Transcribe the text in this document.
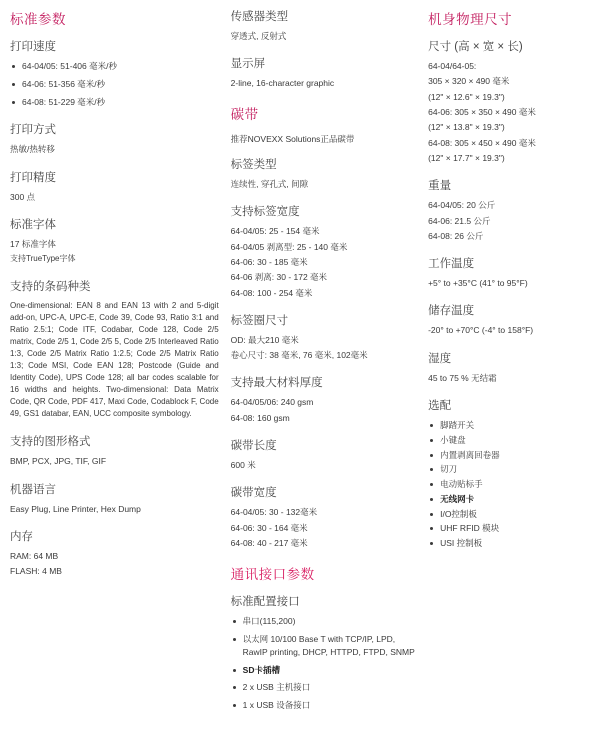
标准参数
打印速度
64-04/05: 51-406 毫米/秒
64-06: 51-356 毫米/秒
64-08: 51-229 毫米/秒
打印方式

热敏/热转移

打印精度

300 点

标准字体

17 标准字体

支持TrueType字体

支持的条码种类

One-dimensional: EAN 8 and EAN 13 with 2 and 5-digit add-on, UPC-A, UPC-E, Code 39, Code 93, Ratio 3:1 and Ratio 2.5:1; Code ITF, Codabar, Code 128, Code 2/5 matrix, Code 2/5 1, Code 2/5 5, Code 2/5 Interleaved Ratio 1:3, Code 2/5 Matrix Ratio 1:2.5; Code 2/5 Matrix Ratio 1:3; Code MSI, Code EAN 128; Postcode (Guide and Identity Code), UPS Code 128; all bar codes scalable for 16 widths and heights. Two-dimensional: Data Matrix Code, QR Code, PDF 417, Maxi Code, Codablock F, Code 49, GS1 databar, EAN, UCC composite symbology.

支持的图形格式

BMP, PCX, JPG, TIF, GIF

机器语言

Easy Plug, Line Printer, Hex Dump

内存

RAM: 64 MB

FLASH: 4 MB

传感器类型

穿透式, 反射式

显示屏

2-line, 16-character graphic

碳带

推荐NOVEXX Solutions正品碳带

标签类型

连续性, 穿孔式, 间隙

支持标签宽度

64-04/05: 25 - 154 毫米

64-04/05 剥离型: 25 - 140 毫米

64-06: 30 - 185 毫米

64-06 剥离: 30 - 172 毫米

64-08: 100 - 254 毫米

标签圈尺寸

OD: 最大210 毫米

卷心尺寸: 38 毫米, 76 毫米, 102毫米

支持最大材料厚度

64-04/05/06: 240 gsm

64-08: 160 gsm

碳带长度

600 米

碳带宽度

64-04/05: 30 - 132毫米

64-06: 30 - 164 毫米

64-08: 40 - 217 毫米

通讯接口参数
标准配置接口
串口(115,200)
以太网 10/100 Base T with TCP/IP, LPD, RawIP printing, DHCP, HTTPD, FTPD, SNMP
SD卡插槽
2 x USB 主机接口
1 x USB 设备接口
机身物理尺寸
尺寸 (高 × 宽 × 长)

64-04/64-05:

305 × 320 × 490 毫米

(12" × 12.6" × 19.3")

64-06: 305 × 350 × 490 毫米

(12" × 13.8" × 19.3")

64-08: 305 × 450 × 490 毫米

(12" × 17.7" × 19.3")

重量

64-04/05: 20 公斤

64-06: 21.5 公斤

64-08: 26 公斤

工作温度

+5° to +35°C (41° to 95°F)

储存温度

-20° to +70°C (-4° to 158°F)

湿度

45 to 75 % 无结霜

选配
脚踏开关
小键盘
内置剥离回卷器
切刀
电动贴标手
无线网卡
I/O控制板
UHF RFID 模块
USI 控制板
